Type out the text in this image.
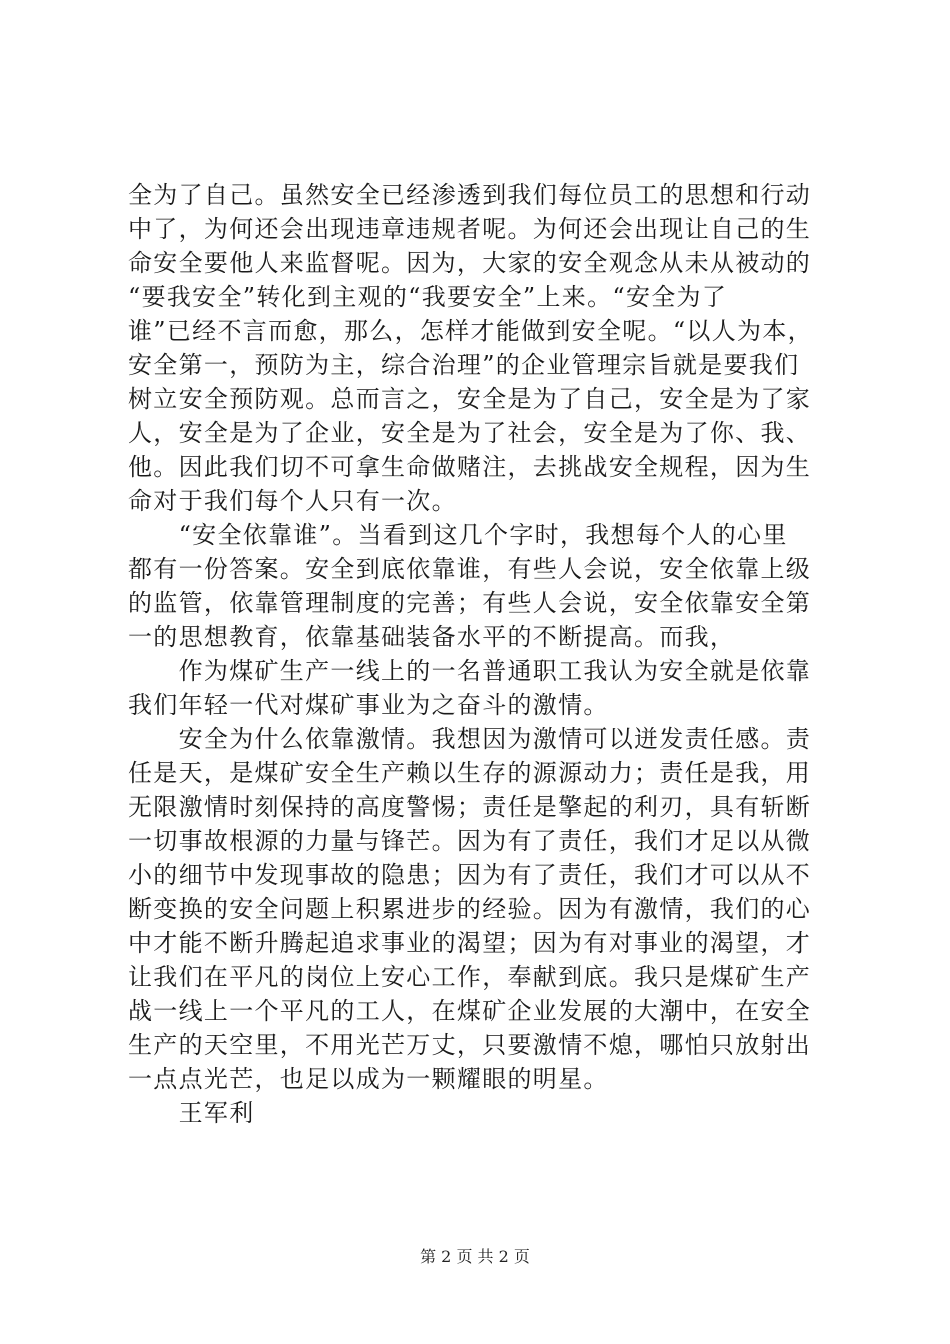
全为了自己。虽然安全已经渗透到我们每位员工的思想和行动
中了，为何还会出现违章违规者呢。为何还会出现让自己的生
命安全要他人来监督呢。因为，大家的安全观念从未从被动的
“要我安全”转化到主观的“我要安全”上来。“安全为了
谁”已经不言而愈，那么，怎样才能做到安全呢。“以人为本，
安全第一，预防为主，综合治理”的企业管理宗旨就是要我们
树立安全预防观。总而言之，安全是为了自己，安全是为了家
人，安全是为了企业，安全是为了社会，安全是为了你、我、
他。因此我们切不可拿生命做赌注，去挑战安全规程，因为生
命对于我们每个人只有一次。
　　“安全依靠谁”。当看到这几个字时，我想每个人的心里
都有一份答案。安全到底依靠谁，有些人会说，安全依靠上级
的监管，依靠管理制度的完善；有些人会说，安全依靠安全第
一的思想教育，依靠基础装备水平的不断提高。而我，
　　作为煤矿生产一线上的一名普通职工我认为安全就是依靠
我们年轻一代对煤矿事业为之奋斗的激情。
　　安全为什么依靠激情。我想因为激情可以迸发责任感。责
任是天，是煤矿安全生产赖以生存的源源动力；责任是我，用
无限激情时刻保持的高度警惕；责任是擎起的利刃，具有斩断
一切事故根源的力量与锋芒。因为有了责任，我们才足以从微
小的细节中发现事故的隐患；因为有了责任，我们才可以从不
断变换的安全问题上积累进步的经验。因为有激情，我们的心
中才能不断升腾起追求事业的渴望；因为有对事业的渴望，才
让我们在平凡的岗位上安心工作，奉献到底。我只是煤矿生产
战一线上一个平凡的工人，在煤矿企业发展的大潮中，在安全
生产的天空里，不用光芒万丈，只要激情不熄，哪怕只放射出
一点点光芒，也足以成为一颗耀眼的明星。
　　王军利
第 2 页 共 2 页
